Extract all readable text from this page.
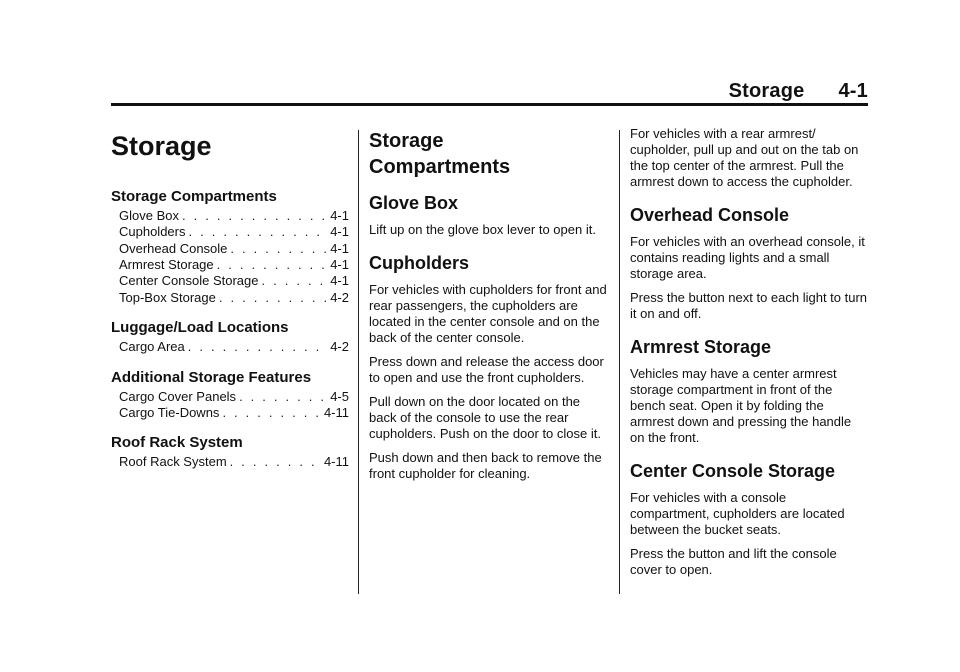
Storage 4-1
Storage
Storage Compartments
Glove Box . . .	4-1
Cupholders . . .	4-1
Overhead Console . . .	4-1
Armrest Storage . . .	4-1
Center Console Storage . . .	4-1
Top-Box Storage . . .	4-2
Luggage/Load Locations
Cargo Area . . .	4-2
Additional Storage Features
Cargo Cover Panels . . .	4-5
Cargo Tie-Downs . . .	4-11
Roof Rack System
Roof Rack System . . .	4-11
Storage
Compartments
Glove Box

Lift up on the glove box lever to open it.

Cupholders

For vehicles with cupholders for front and rear passengers, the cupholders are located in the center console and on the back of the center console.

Press down and release the access door to open and use the front cupholders.

Pull down on the door located on the back of the console to use the rear cupholders. Push on the door to close it.

Push down and then back to remove the front cupholder for cleaning.

For vehicles with a rear armrest/ cupholder, pull up and out on the tab on the top center of the armrest. Pull the armrest down to access the cupholder.

Overhead Console

For vehicles with an overhead console, it contains reading lights and a small storage area.

Press the button next to each light to turn it on and off.

Armrest Storage

Vehicles may have a center armrest storage compartment in front of the bench seat. Open it by folding the armrest down and pressing the handle on the front.

Center Console Storage

For vehicles with a console compartment, cupholders are located between the bucket seats.

Press the button and lift the console cover to open.
